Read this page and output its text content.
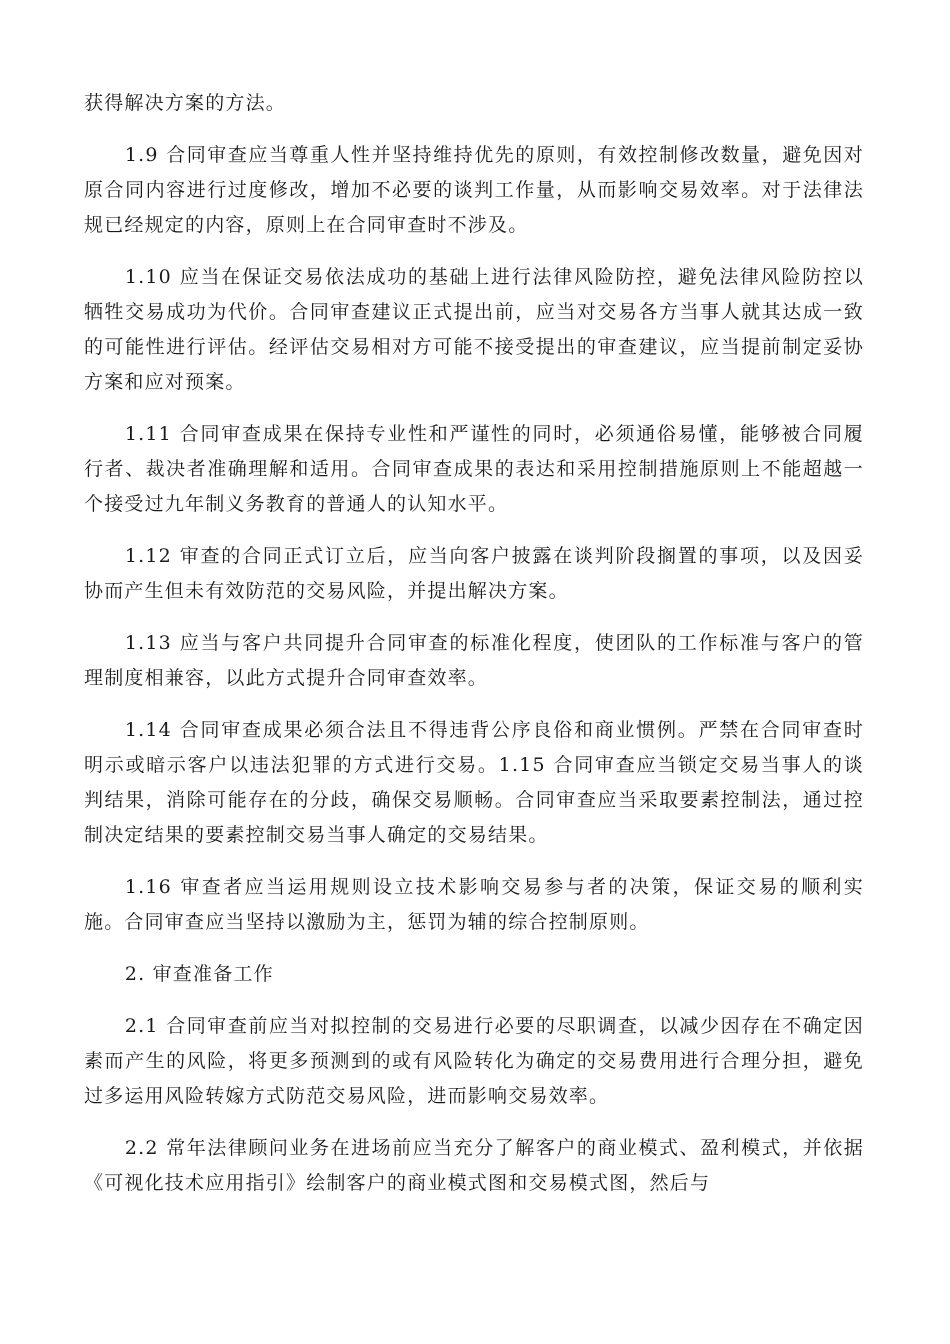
获得解决方案的方法。

1.9 合同审查应当尊重人性并坚持维持优先的原则，有效控制修改数量，避免因对原合同内容进行过度修改，增加不必要的谈判工作量，从而影响交易效率。对于法律法规已经规定的内容，原则上在合同审查时不涉及。

1.10 应当在保证交易依法成功的基础上进行法律风险防控，避免法律风险防控以牺牲交易成功为代价。合同审查建议正式提出前，应当对交易各方当事人就其达成一致的可能性进行评估。经评估交易相对方可能不接受提出的审查建议，应当提前制定妥协方案和应对预案。

1.11 合同审查成果在保持专业性和严谨性的同时，必须通俗易懂，能够被合同履行者、裁决者准确理解和适用。合同审查成果的表达和采用控制措施原则上不能超越一个接受过九年制义务教育的普通人的认知水平。

1.12 审查的合同正式订立后，应当向客户披露在谈判阶段搁置的事项，以及因妥协而产生但未有效防范的交易风险，并提出解决方案。

1.13 应当与客户共同提升合同审查的标准化程度，使团队的工作标准与客户的管理制度相兼容，以此方式提升合同审查效率。

1.14 合同审查成果必须合法且不得违背公序良俗和商业惯例。严禁在合同审查时明示或暗示客户以违法犯罪的方式进行交易。1.15 合同审查应当锁定交易当事人的谈判结果，消除可能存在的分歧，确保交易顺畅。合同审查应当采取要素控制法，通过控制决定结果的要素控制交易当事人确定的交易结果。

1.16 审查者应当运用规则设立技术影响交易参与者的决策，保证交易的顺利实施。合同审查应当坚持以激励为主，惩罚为辅的综合控制原则。

2. 审查准备工作

2.1 合同审查前应当对拟控制的交易进行必要的尽职调查，以减少因存在不确定因素而产生的风险，将更多预测到的或有风险转化为确定的交易费用进行合理分担，避免过多运用风险转嫁方式防范交易风险，进而影响交易效率。

2.2 常年法律顾问业务在进场前应当充分了解客户的商业模式、盈利模式，并依据《可视化技术应用指引》绘制客户的商业模式图和交易模式图，然后与
